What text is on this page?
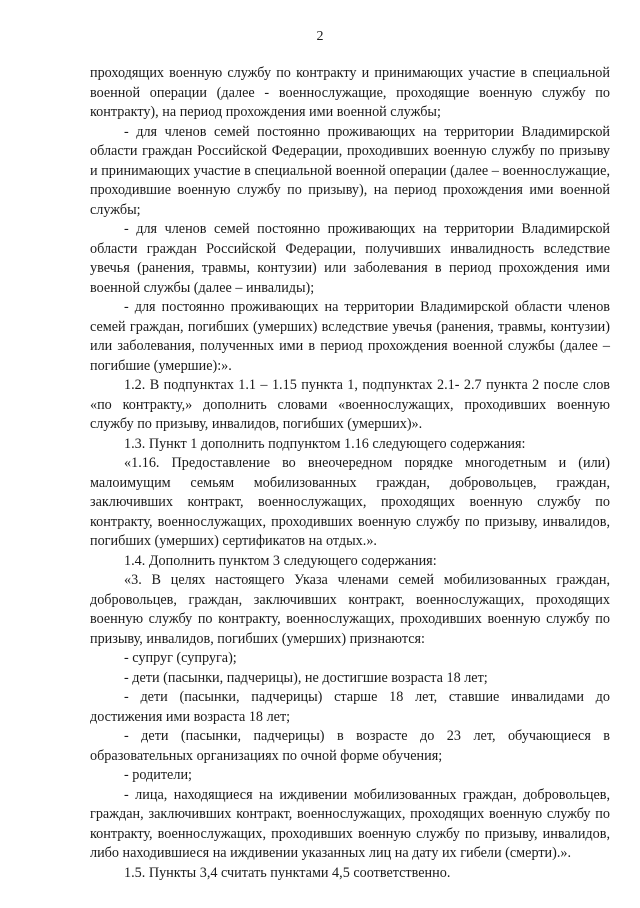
2

проходящих военную службу по контракту и принимающих участие в специальной военной операции (далее - военнослужащие, проходящие военную службу по контракту), на период прохождения ими военной службы;

- для членов семей постоянно проживающих на территории Владимирской области граждан Российской Федерации, проходивших военную службу по призыву и принимающих участие в специальной военной операции (далее – военнослужащие, проходившие военную службу по призыву), на период прохождения ими военной службы;

- для членов семей постоянно проживающих на территории Владимирской области граждан Российской Федерации, получивших инвалидность вследствие увечья (ранения, травмы, контузии) или заболевания в период прохождения ими военной службы (далее – инвалиды);

- для постоянно проживающих на территории Владимирской области членов семей граждан, погибших (умерших) вследствие увечья (ранения, травмы, контузии) или заболевания, полученных ими в период прохождения военной службы (далее – погибшие (умершие):».

1.2. В подпунктах 1.1 – 1.15 пункта 1, подпунктах 2.1- 2.7 пункта 2 после слов «по контракту,» дополнить словами «военнослужащих, проходивших военную службу по призыву, инвалидов, погибших (умерших)».

1.3. Пункт 1 дополнить подпунктом 1.16 следующего содержания:

«1.16. Предоставление во внеочередном порядке многодетным и (или) малоимущим семьям мобилизованных граждан, добровольцев, граждан, заключивших контракт, военнослужащих, проходящих военную службу по контракту, военнослужащих, проходивших военную службу по призыву, инвалидов, погибших (умерших) сертификатов на отдых.».

1.4. Дополнить пунктом 3 следующего содержания:

«3. В целях настоящего Указа членами семей мобилизованных граждан, добровольцев, граждан, заключивших контракт, военнослужащих, проходящих военную службу по контракту, военнослужащих, проходивших военную службу по призыву, инвалидов, погибших (умерших) признаются:

- супруг (супруга);

- дети (пасынки, падчерицы), не достигшие возраста 18 лет;

- дети (пасынки, падчерицы) старше 18 лет, ставшие инвалидами до достижения ими возраста 18 лет;

- дети (пасынки, падчерицы) в возрасте до 23 лет, обучающиеся в образовательных организациях по очной форме обучения;

- родители;

- лица, находящиеся на иждивении мобилизованных граждан, добровольцев, граждан, заключивших контракт, военнослужащих, проходящих военную службу по контракту, военнослужащих, проходивших военную службу по призыву, инвалидов, либо находившиеся на иждивении указанных лиц на дату их гибели (смерти).».

1.5. Пункты 3,4 считать пунктами 4,5 соответственно.
